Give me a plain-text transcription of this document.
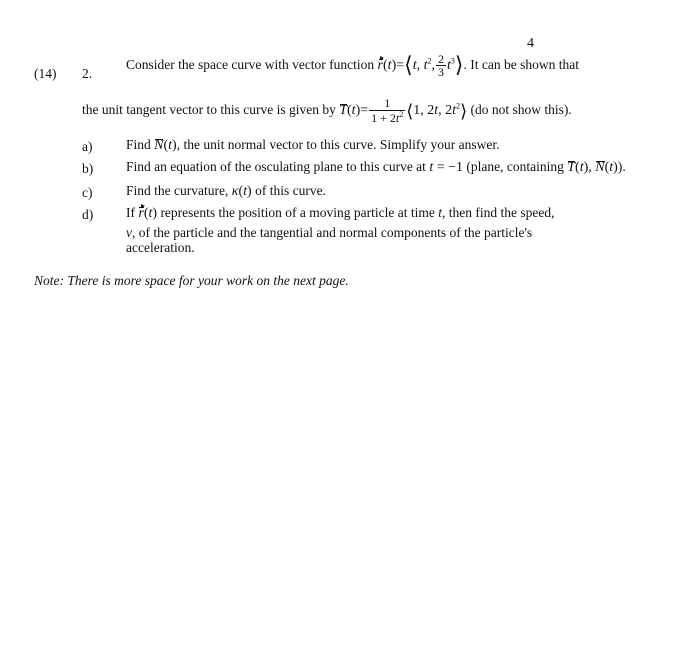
4
(14) 2.
Consider the space curve with vector function r(t)=⟨t, $t^2$, $\frac{2}{3}$ $t^3⟩$. It can be shown that
the unit tangent vector to this curve is given by $T(t)= \frac{1}{1 + 2t^2}$ ⟨1, 2t, $2t^2⟩$ (do not show this).
a) Find N(t), the unit normal vector to this curve. Simplify your answer.
b) Find an equation of the osculating plane to this curve at t = −1 (plane, containing T(t), N(t)).
c) Find the curvature, κ(t) of this curve.
d) If r(t) represents the position of a moving particle at time t, then find the speed,
v, of the particle and the tangential and normal components of the particle's
acceleration.
Note: There is more space for your work on the next page.
